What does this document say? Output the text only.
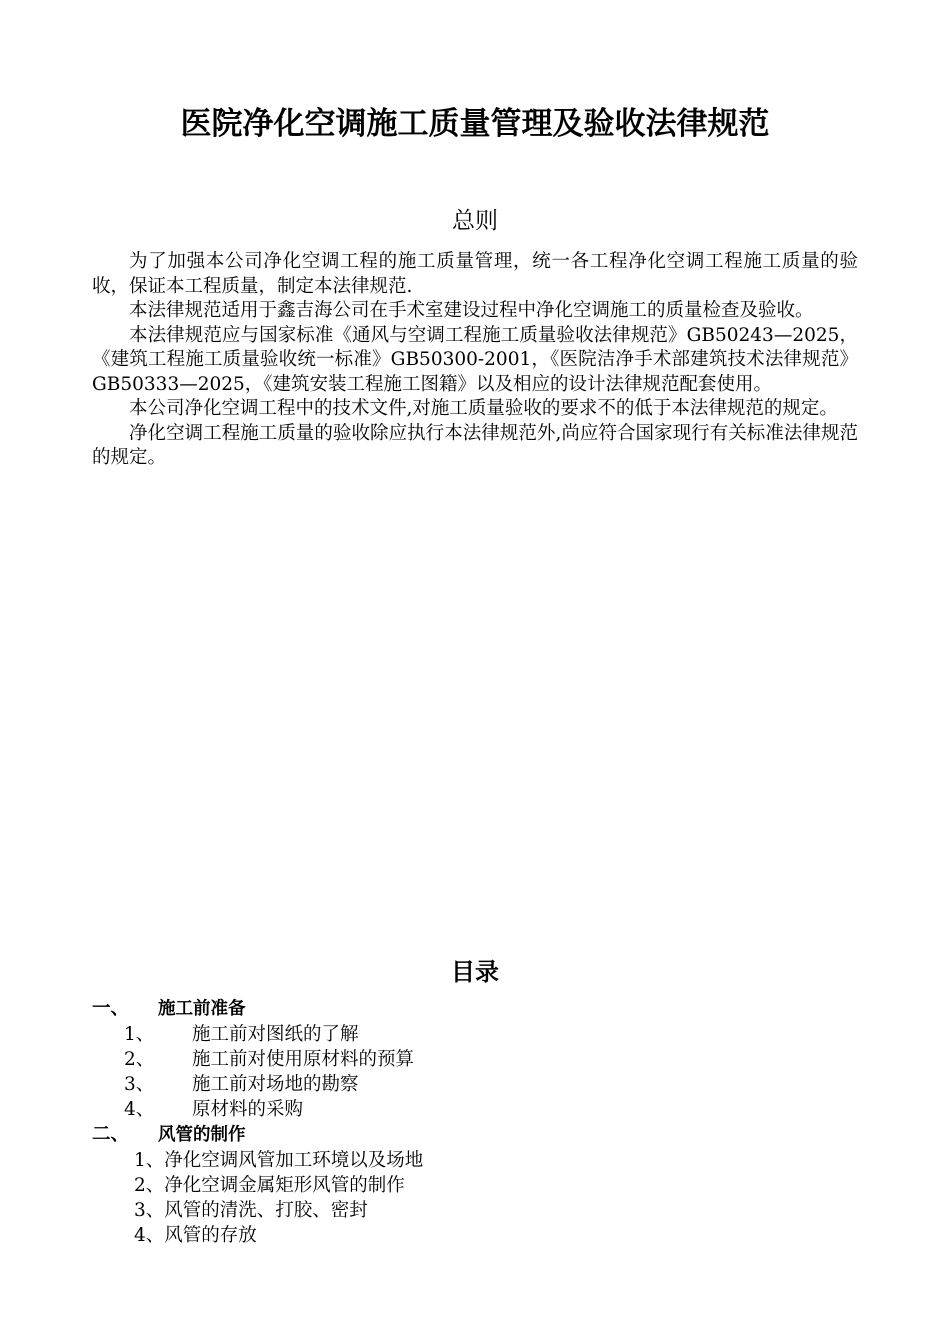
医院净化空调施工质量管理及验收法律规范
总则

为了加强本公司净化空调工程的施工质量管理，统一各工程净化空调工程施工质量的验收，保证本工程质量，制定本法律规范.

本法律规范适用于鑫吉海公司在手术室建设过程中净化空调施工的质量检查及验收。

本法律规范应与国家标准《通风与空调工程施工质量验收法律规范》GB50243—2025，《建筑工程施工质量验收统一标准》GB50300-2001，《医院洁净手术部建筑技术法律规范》GB50333—2025，《建筑安装工程施工图籍》以及相应的设计法律规范配套使用。

本公司净化空调工程中的技术文件,对施工质量验收的要求不的低于本法律规范的规定。

净化空调工程施工质量的验收除应执行本法律规范外,尚应符合国家现行有关标准法律规范的规定。

目录
一、	施工前准备
1、	施工前对图纸的了解
2、	施工前对使用原材料的预算
3、	施工前对场地的勘察
4、	原材料的采购
二、	风管的制作
1、净化空调风管加工环境以及场地
2、净化空调金属矩形风管的制作
3、风管的清洗、打胶、密封
4、风管的存放
